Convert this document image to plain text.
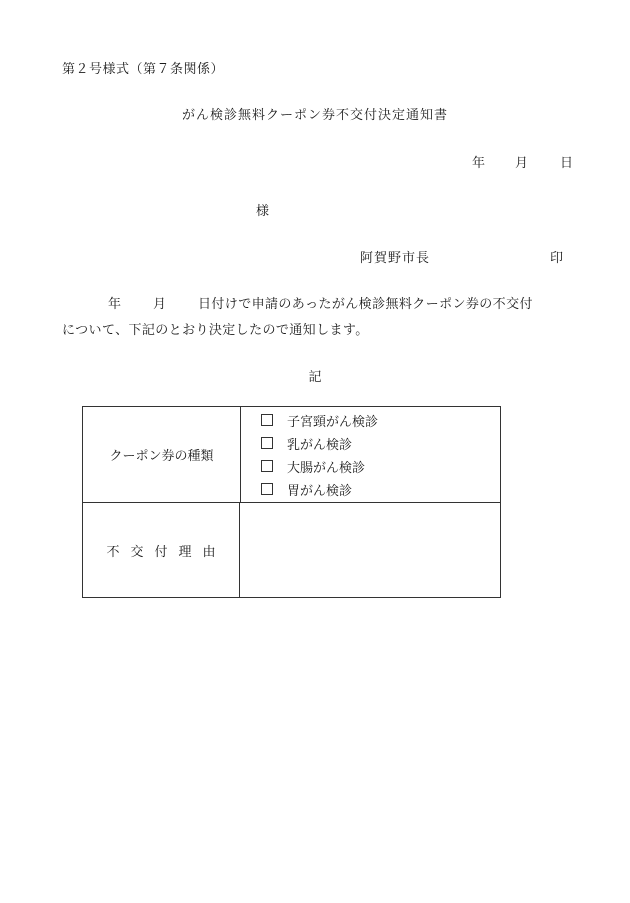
第２号様式（第７条関係）
がん検診無料クーポン券不交付決定通知書
年 月 日
様
阿賀野市長	印
年 月 日付けで申請のあったがん検診無料クーポン券の不交付
について、下記のとおり決定したので通知します。
記
クーポン券の種類
子宮頸がん検診
乳がん検診
大腸がん検診
胃がん検診
不交付理由
